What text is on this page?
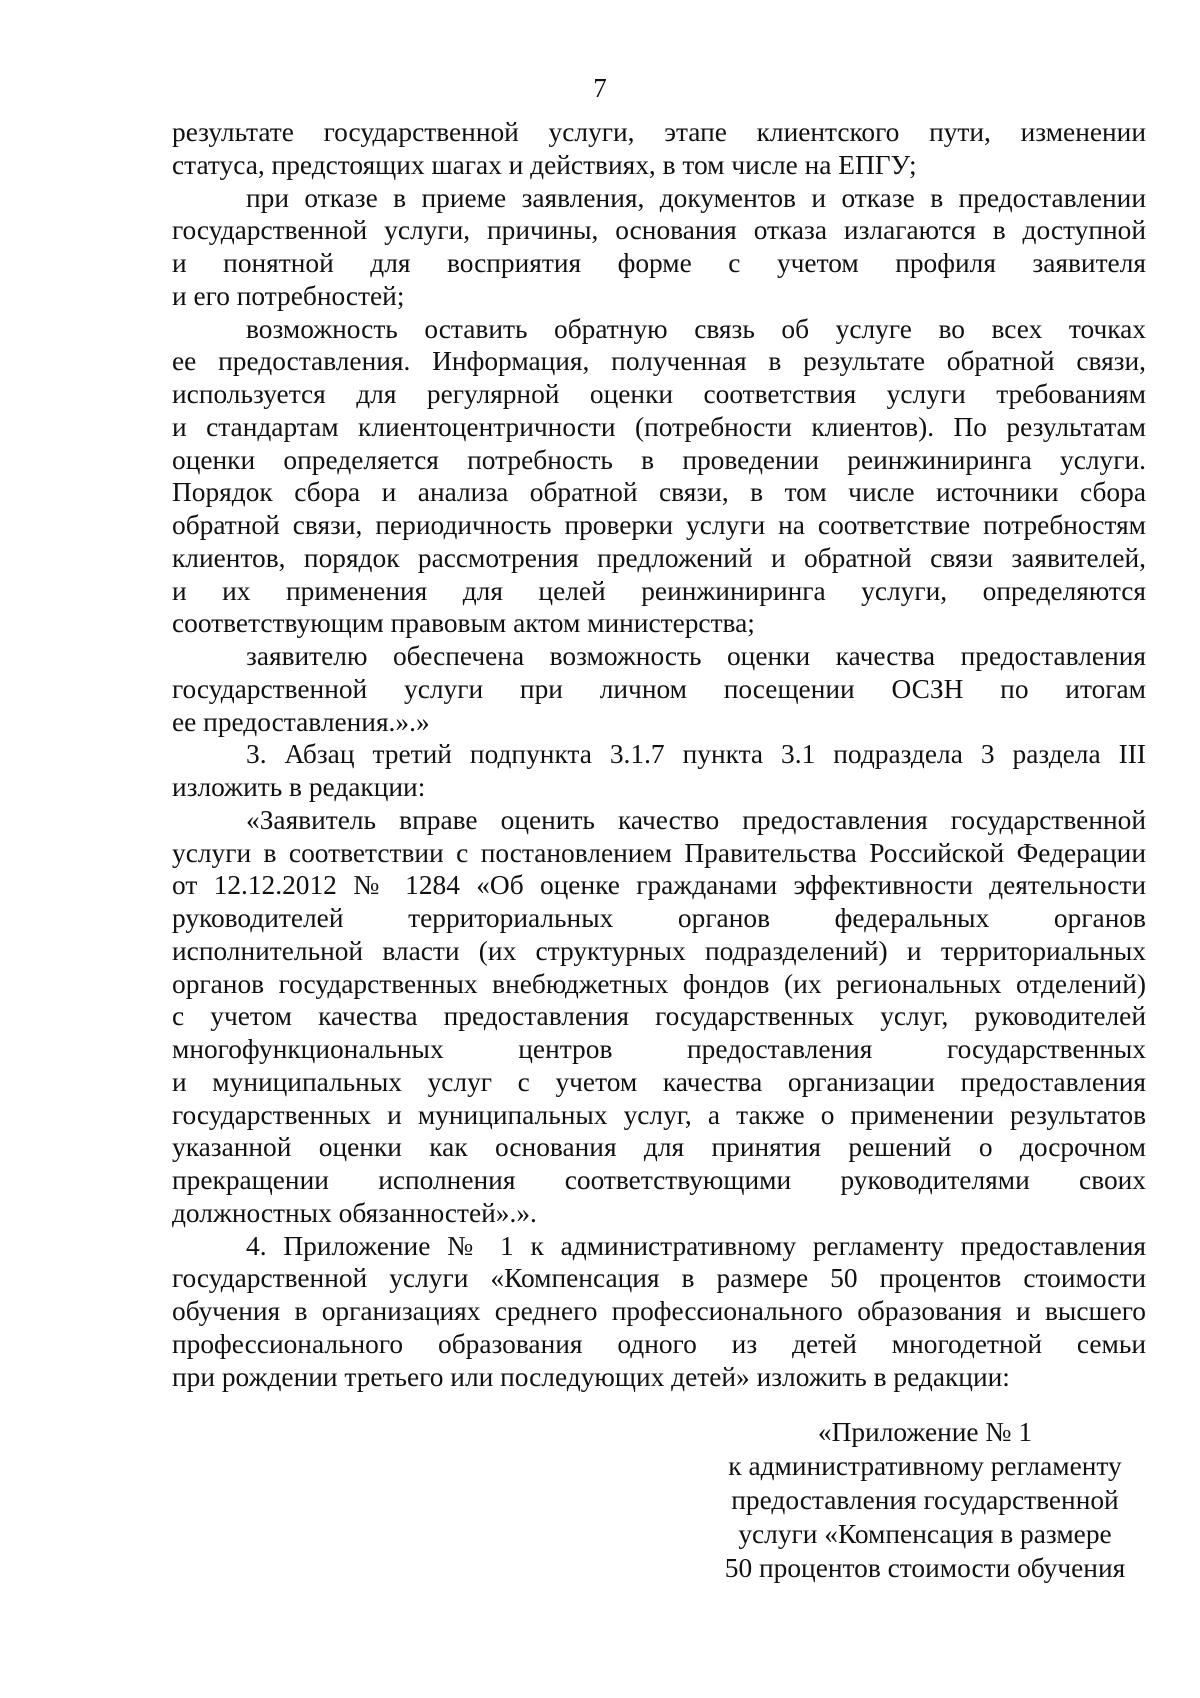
7

результате государственной услуги, этапе клиентского пути, изменении
статуса, предстоящих шагах и действиях, в том числе на ЕПГУ;

при отказе в приеме заявления, документов и отказе в предоставлении
государственной услуги, причины, основания отказа излагаются в доступной
и понятной для восприятия форме с учетом профиля заявителя
и его потребностей;

возможность оставить обратную связь об услуге во всех точках
ее предоставления. Информация, полученная в результате обратной связи,
используется для регулярной оценки соответствия услуги требованиям
и стандартам клиентоцентричности (потребности клиентов). По результатам
оценки определяется потребность в проведении реинжиниринга услуги.
Порядок сбора и анализа обратной связи, в том числе источники сбора
обратной связи, периодичность проверки услуги на соответствие потребностям
клиентов, порядок рассмотрения предложений и обратной связи заявителей,
и их применения для целей реинжиниринга услуги, определяются
соответствующим правовым актом министерства;

заявителю обеспечена возможность оценки качества предоставления
государственной услуги при личном посещении ОСЗН по итогам
ее предоставления.».»

3. Абзац третий подпункта 3.1.7 пункта 3.1 подраздела 3 раздела III
изложить в редакции:

«Заявитель вправе оценить качество предоставления государственной
услуги в соответствии с постановлением Правительства Российской Федерации
от 12.12.2012 № 1284 «Об оценке гражданами эффективности деятельности
руководителей территориальных органов федеральных органов
исполнительной власти (их структурных подразделений) и территориальных
органов государственных внебюджетных фондов (их региональных отделений)
с учетом качества предоставления государственных услуг, руководителей
многофункциональных центров предоставления государственных
и муниципальных услуг с учетом качества организации предоставления
государственных и муниципальных услуг, а также о применении результатов
указанной оценки как основания для принятия решений о досрочном
прекращении исполнения соответствующими руководителями своих
должностных обязанностей».».

4. Приложение № 1 к административному регламенту предоставления
государственной услуги «Компенсация в размере 50 процентов стоимости
обучения в организациях среднего профессионального образования и высшего
профессионального образования одного из детей многодетной семьи
при рождении третьего или последующих детей» изложить в редакции:

«Приложение № 1
к административному регламенту
предоставления государственной
услуги «Компенсация в размере
50 процентов стоимости обучения
